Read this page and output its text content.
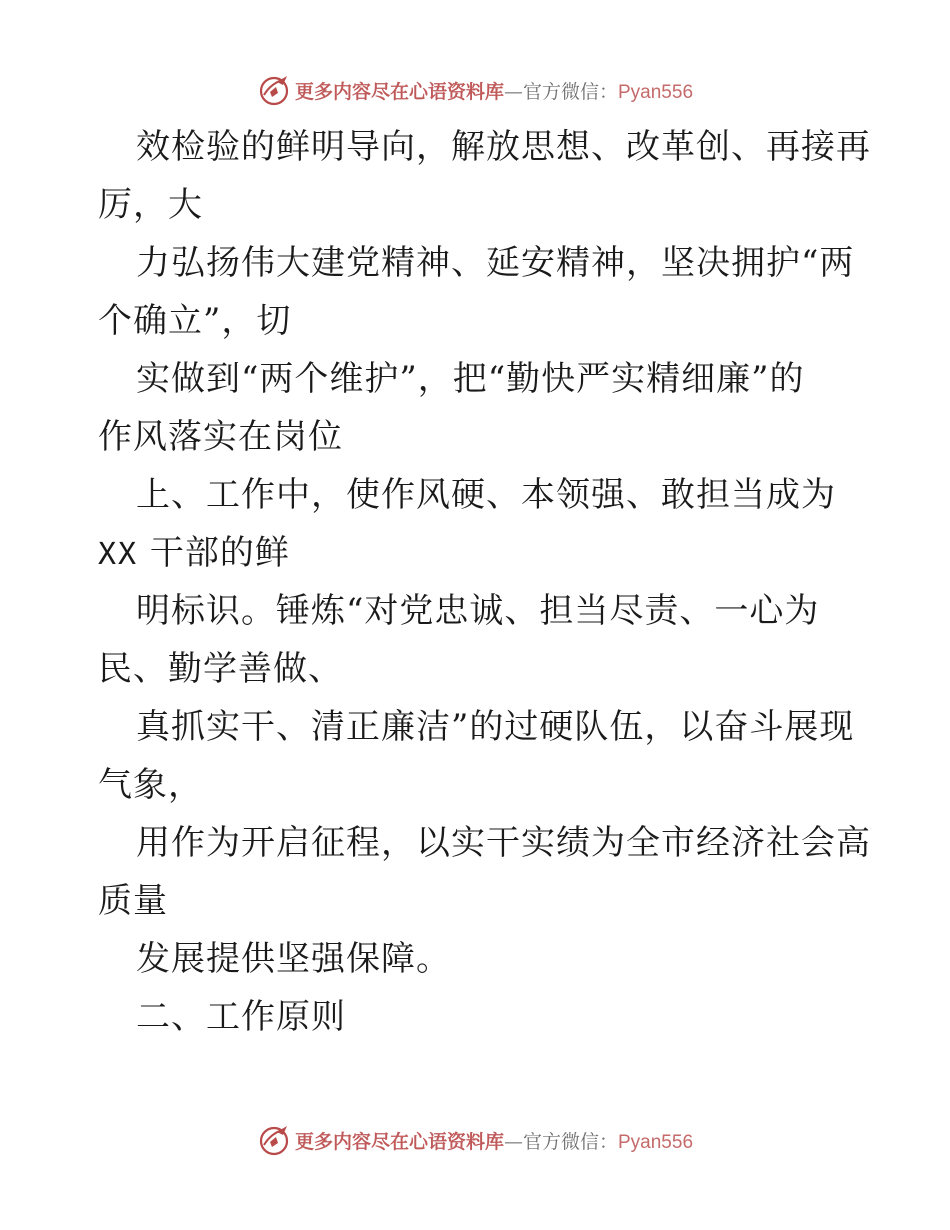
更多内容尽在心语资料库—官方微信：Pyan556
效检验的鲜明导向，解放思想、改革创、再接再
厉，大
力弘扬伟大建党精神、延安精神，坚决拥护“两
个确立”，切
实做到“两个维护”，把“勤快严实精细廉”的
作风落实在岗位
上、工作中，使作风硬、本领强、敢担当成为
XX 干部的鲜
明标识。锤炼“对党忠诚、担当尽责、一心为
民、勤学善做、
真抓实干、清正廉洁”的过硬队伍，以奋斗展现
气象，
用作为开启征程，以实干实绩为全市经济社会高
质量
发展提供坚强保障。
二、工作原则
更多内容尽在心语资料库—官方微信：Pyan556
